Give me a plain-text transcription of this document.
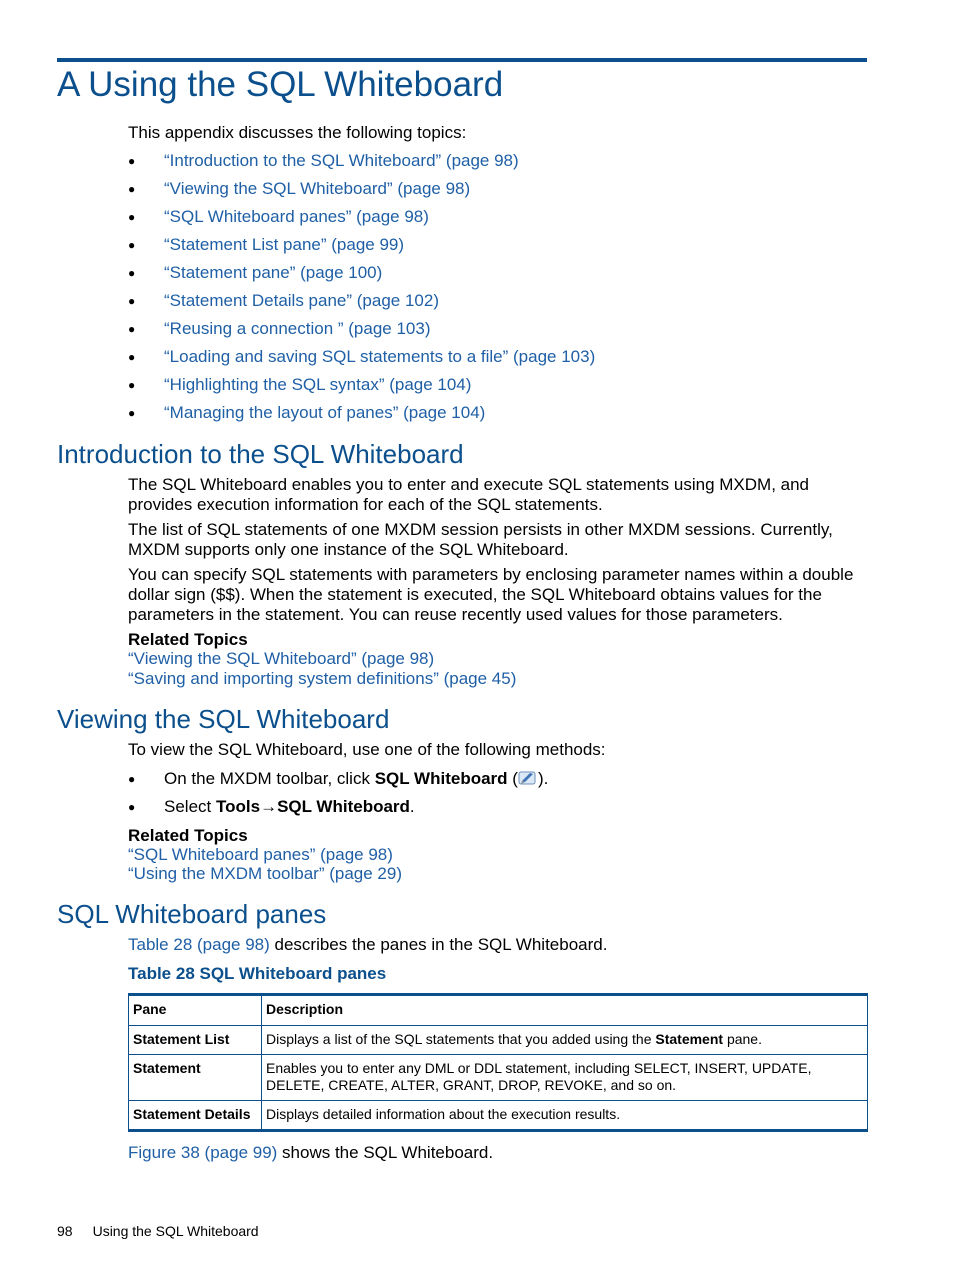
A Using the SQL Whiteboard

This appendix discusses the following topics:

● “Introduction to the SQL Whiteboard” (page 98)
● “Viewing the SQL Whiteboard” (page 98)
● “SQL Whiteboard panes” (page 98)
● “Statement List pane” (page 99)
● “Statement pane” (page 100)
● “Statement Details pane” (page 102)
● “Reusing a connection ” (page 103)
● “Loading and saving SQL statements to a file” (page 103)
● “Highlighting the SQL syntax” (page 104)
● “Managing the layout of panes” (page 104)
Introduction to the SQL Whiteboard

The SQL Whiteboard enables you to enter and execute SQL statements using MXDM, and provides execution information for each of the SQL statements.

The list of SQL statements of one MXDM session persists in other MXDM sessions. Currently, MXDM supports only one instance of the SQL Whiteboard.

You can specify SQL statements with parameters by enclosing parameter names within a double dollar sign ($$). When the statement is executed, the SQL Whiteboard obtains values for the parameters in the statement. You can reuse recently used values for those parameters.

Related Topics
“Viewing the SQL Whiteboard” (page 98)
“Saving and importing system definitions” (page 45)
Viewing the SQL Whiteboard

To view the SQL Whiteboard, use one of the following methods:

● On the MXDM toolbar, click SQL Whiteboard ( ).
● Select Tools→SQL Whiteboard.
Related Topics
“SQL Whiteboard panes” (page 98)
“Using the MXDM toolbar” (page 29)
SQL Whiteboard panes

Table 28 (page 98) describes the panes in the SQL Whiteboard.

Table 28 SQL Whiteboard panes
Pane	Description
Statement List	Displays a list of the SQL statements that you added using the Statement pane.
Statement	Enables you to enter any DML or DDL statement, including SELECT, INSERT, UPDATE, DELETE, CREATE, ALTER, GRANT, DROP, REVOKE, and so on.
Statement Details	Displays detailed information about the execution results.

Figure 38 (page 99) shows the SQL Whiteboard.

98 Using the SQL Whiteboard
